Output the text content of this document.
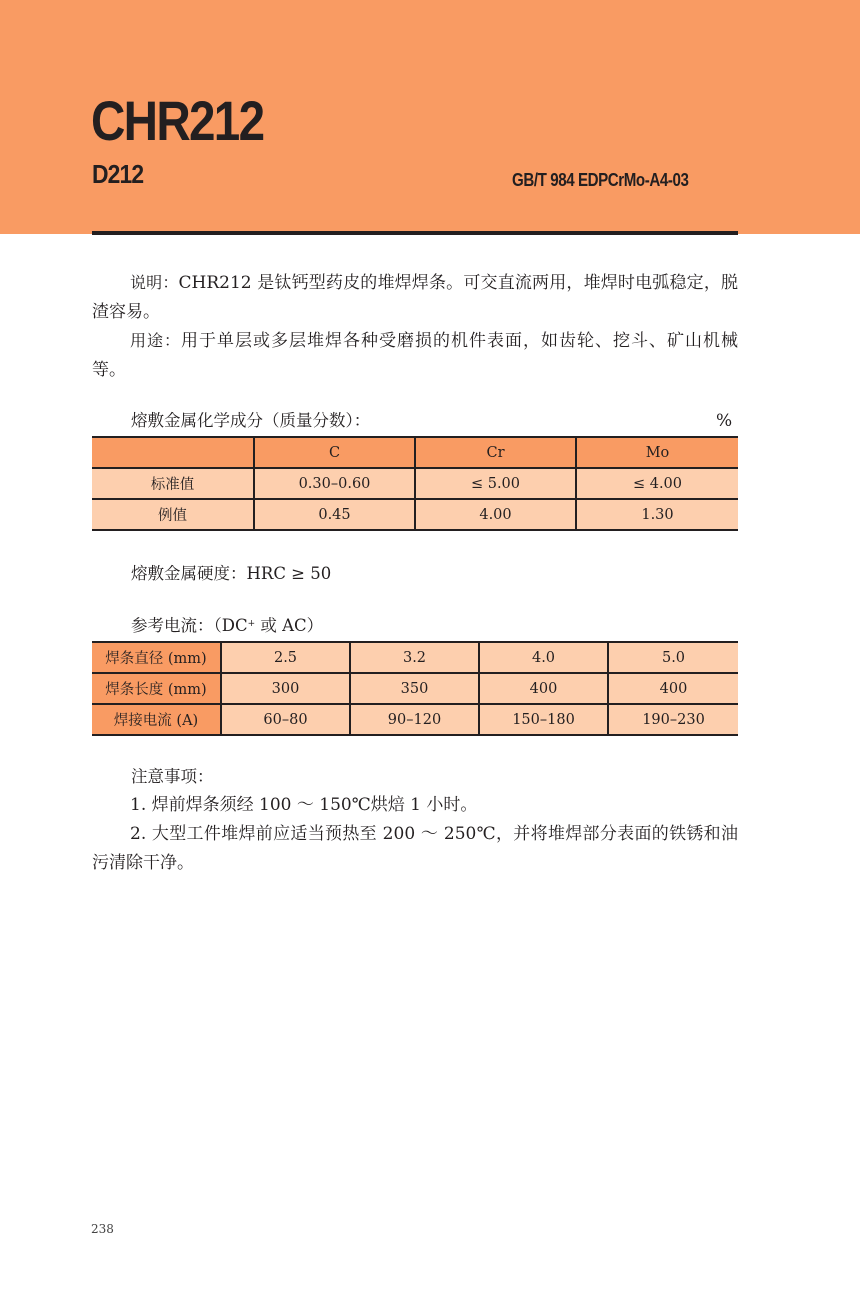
CHR212
D212	GB/T 984 EDPCrMo-A4-03

说明：CHR212 是钛钙型药皮的堆焊焊条。可交直流两用，堆焊时电弧稳定，脱渣容易。

用途：用于单层或多层堆焊各种受磨损的机件表面，如齿轮、挖斗、矿山机械等。

熔敷金属化学成分（质量分数）：	%
	C	Cr	Mo
标准值	0.30–0.60	≤ 5.00	≤ 4.00
例值	0.45	4.00	1.30
熔敷金属硬度：HRC ≥ 50
参考电流：（DC+ 或 AC）
焊条直径 (mm)	2.5	3.2	4.0	5.0
焊条长度 (mm)	300	350	400	400
焊接电流 (A)	60–80	90–120	150–180	190–230
注意事项：

1. 焊前焊条须经 100 ～ 150℃烘焙 1 小时。

2. 大型工件堆焊前应适当预热至 200 ～ 250℃，并将堆焊部分表面的铁锈和油污清除干净。

238
